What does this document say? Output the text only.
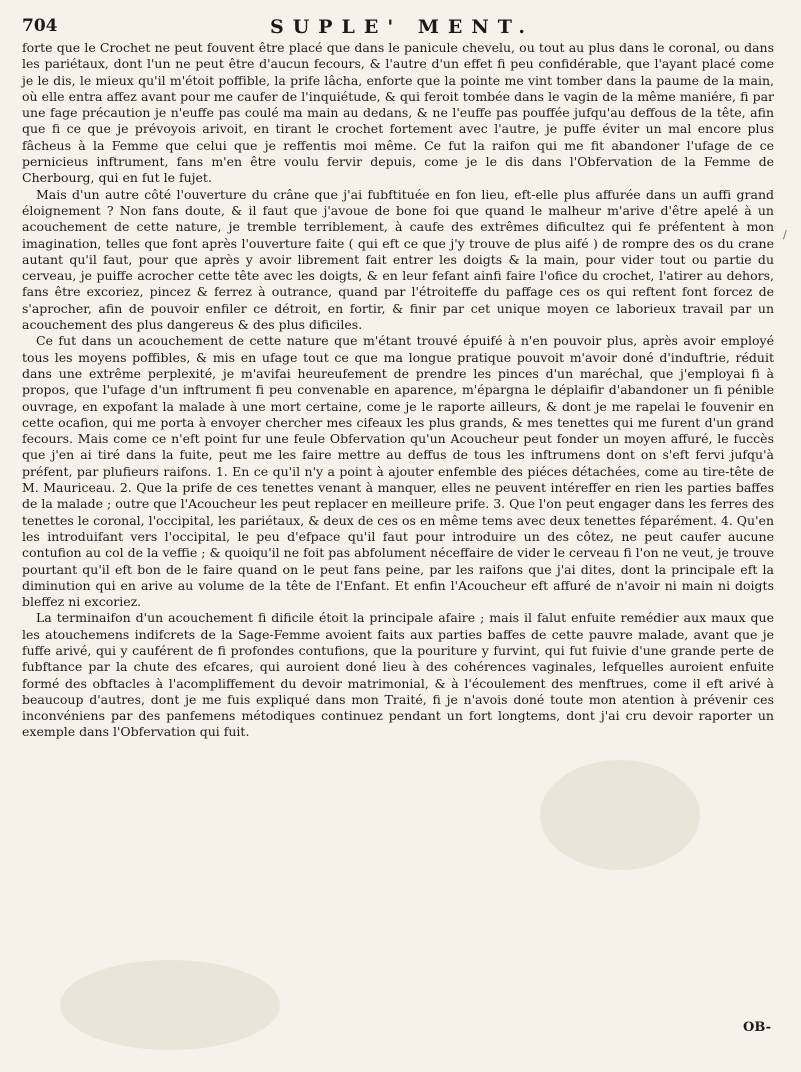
704	SUPLE' MENT.

forte que le Crochet ne peut fouvent être placé que dans le panicule chevelu, ou tout au plus dans le coronal, ou dans les pariétaux, dont l'un ne peut être d'aucun fecours, & l'autre d'un effet fi peu confidérable, que l'ayant placé come je le dis, le mieux qu'il m'étoit poffible, la prife lâcha, enforte que la pointe me vint tomber dans la paume de la main, où elle entra affez avant pour me caufer de l'inquiétude, & qui feroit tombée dans le vagin de la même maniére, fi par une fage précaution je n'euffe pas coulé ma main au dedans, & ne l'euffe pas pouffée jufqu'au deffous de la tête, afin que fi ce que je prévoyois arivoit, en tirant le crochet fortement avec l'autre, je puffe éviter un mal encore plus fâcheus à la Femme que celui que je reffentis moi même. Ce fut la raifon qui me fit abandoner l'ufage de ce pernicieus inftrument, fans m'en être voulu fervir depuis, come je le dis dans l'Obfervation de la Femme de Cherbourg, qui en fut le fujet.

Mais d'un autre côté l'ouverture du crâne que j'ai fubftituée en fon lieu, eft-elle plus affurée dans un auffi grand éloignement ? Non fans doute, & il faut que j'avoue de bone foi que quand le malheur m'arive d'être apelé à un acouchement de cette nature, je tremble terriblement, à caufe des extrêmes dificultez qui fe préfentent à mon imagination, telles que font après l'ouverture faite ( qui eft ce que j'y trouve de plus aifé ) de rompre des os du crane autant qu'il faut, pour que après y avoir librement fait entrer les doigts & la main, pour vider tout ou partie du cerveau, je puiffe acrocher cette tête avec les doigts, & en leur fefant ainfi faire l'ofice du crochet, l'atirer au dehors, fans être excoriez, pincez & ferrez à outrance, quand par l'étroiteffe du paffage ces os qui reftent font forcez de s'aprocher, afin de pouvoir enfiler ce détroit, en fortir, & finir par cet unique moyen ce laborieux travail par un acouchement des plus dangereus & des plus dificiles.

Ce fut dans un acouchement de cette nature que m'étant trouvé épuifé à n'en pouvoir plus, après avoir employé tous les moyens poffibles, & mis en ufage tout ce que ma longue pratique pouvoit m'avoir doné d'induftrie, réduit dans une extrême perplexité, je m'avifai heureufement de prendre les pinces d'un maréchal, que j'employai fi à propos, que l'ufage d'un inftrument fi peu convenable en aparence, m'épargna le déplaifir d'abandoner un fi pénible ouvrage, en expofant la malade à une mort certaine, come je le raporte ailleurs, & dont je me rapelai le fouvenir en cette ocafion, qui me porta à envoyer chercher mes cifeaux les plus grands, & mes tenettes qui me furent d'un grand fecours. Mais come ce n'eft point fur une feule Obfervation qu'un Acoucheur peut fonder un moyen affuré, le fuccès que j'en ai tiré dans la fuite, peut me les faire mettre au deffus de tous les inftrumens dont on s'eft fervi jufqu'à préfent, par plufieurs raifons. 1. En ce qu'il n'y a point à ajouter enfemble des piéces détachées, come au tire-tête de M. Mauriceau. 2. Que la prife de ces tenettes venant à manquer, elles ne peuvent intéreffer en rien les parties baffes de la malade ; outre que l'Acoucheur les peut replacer en meilleure prife. 3. Que l'on peut engager dans les ferres des tenettes le coronal, l'occipital, les pariétaux, & deux de ces os en même tems avec deux tenettes féparément. 4. Qu'en les introduifant vers l'occipital, le peu d'efpace qu'il faut pour introduire un des côtez, ne peut caufer aucune contufion au col de la veffie ; & quoiqu'il ne foit pas abfolument néceffaire de vider le cerveau fi l'on ne veut, je trouve pourtant qu'il eft bon de le faire quand on le peut fans peine, par les raifons que j'ai dites, dont la principale eft la diminution qui en arive au volume de la tête de l'Enfant. Et enfin l'Acoucheur eft affuré de n'avoir ni main ni doigts bleffez ni excoriez.

La terminaifon d'un acouchement fi dificile étoit la principale afaire ; mais il falut enfuite remédier aux maux que les atouchemens indifcrets de la Sage-Femme avoient faits aux parties baffes de cette pauvre malade, avant que je fuffe arivé, qui y cauférent de fi profondes contufions, que la pouriture y furvint, qui fut fuivie d'une grande perte de fubftance par la chute des efcares, qui auroient doné lieu à des cohérences vaginales, lefquelles auroient enfuite formé des obftacles à l'acompliffement du devoir matrimonial, & à l'écoulement des menftrues, come il eft arivé à beaucoup d'autres, dont je me fuis expliqué dans mon Traité, fi je n'avois doné toute mon atention à prévenir ces inconvéniens par des panfemens métodiques continuez pendant un fort longtems, dont j'ai cru devoir raporter un exemple dans l'Obfervation qui fuit.

/
OB-
